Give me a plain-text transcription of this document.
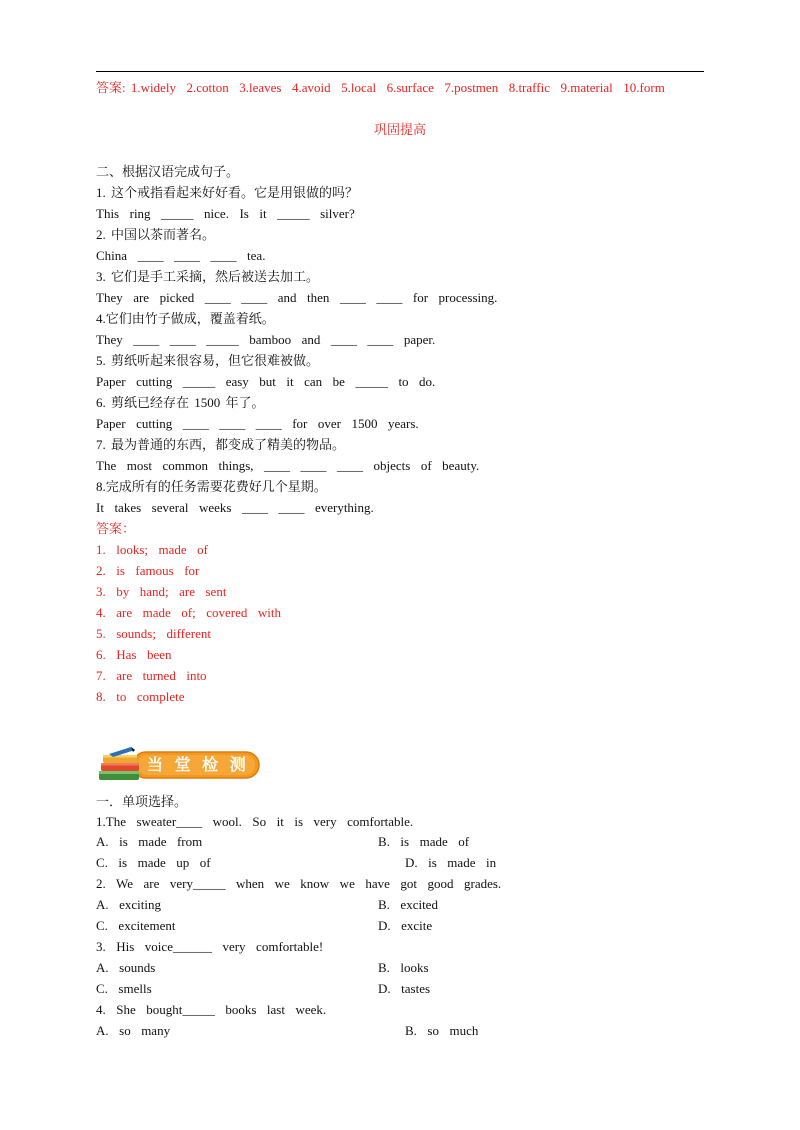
答案: 1.widely  2.cotton  3.leaves  4.avoid  5.local  6.surface  7.postmen  8.traffic  9.material  10.form
巩固提高
二、根据汉语完成句子。
1. 这个戒指看起来好好看。它是用银做的吗？
This  ring  _____  nice.  Is  it  _____  silver?
2. 中国以茶而著名。
China  ____  ____  ____  tea.
3. 它们是手工采摘，然后被送去加工。
They  are  picked  ____  ____  and  then  ____  ____  for  processing.
4.它们由竹子做成，覆盖着纸。
They  ____  ____  _____  bamboo  and  ____  ____  paper.
5. 剪纸听起来很容易，但它很难被做。
Paper  cutting  _____  easy  but  it  can  be  _____  to  do.
6. 剪纸已经存在 1500 年了。
Paper  cutting  ____  ____  ____  for  over  1500  years.
7. 最为普通的东西，都变成了精美的物品。
The  most  common  things,  ____  ____  ____  objects  of  beauty.
8.完成所有的任务需要花费好几个星期。
It  takes  several  weeks  ____  ____  everything.
答案：
1.  looks;  made  of
2.  is  famous  for
3.  by  hand;  are  sent
4.  are  made  of;  covered  with
5.  sounds;  different
6.  Has  been
7.  are  turned  into
8.  to  complete
当 堂 检 测
一．单项选择。
1.The  sweater____  wool.  So  it  is  very  comfortable.
A.  is  made  from	B.  is  made  of
C.  is  made  up  of	D.  is  made  in
2.  We  are  very_____  when  we  know  we  have  got  good  grades.
A.  exciting	B.  excited
C.  excitement	D.  excite
3.  His  voice______  very  comfortable!
A.  sounds	B.  looks
C.  smells	D.  tastes
4.  She  bought_____  books  last  week.
A.  so  many	B.  so  much
